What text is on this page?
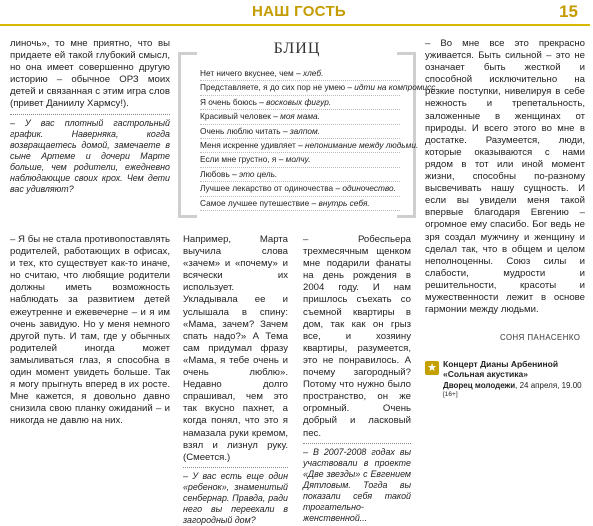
НАШ ГОСТЬ	15

линочь», то мне приятно, что вы придаете ей такой глубокий смысл, но она имеет совершенно другую историю – обычное ОРЗ моих детей и связанная с этим игра слов (привет Даниилу Хармсу!).

– У вас плотный гастрольный график. Наверняка, когда возвращаетесь домой, замечаете в сыне Артеме и дочери Марте больше, чем родители, ежедневно наблюдающие своих крох. Чем дети вас удивляют?

БЛИЦ
Нет ничего вкуснее, чем – хлеб.
Представляете, я до сих пор не умею – идти на компромисс.
Я очень боюсь – восковых фигур.
Красивый человек – моя мама.
Очень люблю читать – залпом.
Меня искренне удивляет – непонимание между людьми.
Если мне грустно, я – молчу.
Любовь – это цель.
Лучшее лекарство от одиночества – одиночество.
Самое лучшее путешествие – внутрь себя.

– Я бы не стала противопоставлять родителей, работающих в офисах, и тех, кто существует как-то иначе, но считаю, что любящие родители должны иметь возможность наблюдать за развитием детей ежеутренне и ежевечерне – и я им очень завидую. Но у меня немного другой путь. И там, где у обычных родителей иногда может замыливаться глаз, я способна в один момент увидеть больше. Так я могу прыгнуть вперед в их росте. Мне кажется, я довольно давно снизила свою планку ожиданий – и никогда не давлю на них.

Например, Марта выучила слова «зачем» и «почему» и всячески их использует. Укладывала ее и услышала в спину: «Мама, зачем? Зачем спать надо?» А Тема сам придумал фразу «Мама, я тебе очень и очень люблю». Недавно долго спрашивал, чем это так вкусно пахнет, а когда понял, что это я намазала руки кремом, взял и лизнул руку. (Смеется.)

– У вас есть еще один «ребенок», знаменитый сенбернар. Правда, ради него вы переехали в загородный дом?

– Робеспьера трехмесячным щенком мне подарили фанаты на день рождения в 2004 году. И нам пришлось съехать со съемной квартиры в дом, так как он грыз все, и хозяину квартиры, разумеется, это не понравилось. А почему загородный? Потому что нужно было пространство, он же огромный. Очень добрый и ласковый пес.

– В 2007-2008 годах вы участвовали в проекте «Две звезды» с Евгением Дятловым. Тогда вы показали себя такой трогательно-женственной...

– Во мне все это прекрасно уживается. Быть сильной – это не означает быть жесткой и способной исключительно на резкие поступки, нивелируя в себе нежность и трепетальность, заложенные в женщинах от природы. И всего этого во мне в достатке. Разумеется, люди, которые оказываются с нами рядом в тот или иной момент жизни, способны по-разному высвечивать нашу сущность. И если вы увидели меня такой впервые благодаря Евгению – огромное ему спасибо. Бог ведь не зря создал мужчину и женщину и сделал так, что в общем и целом неполноценны. Союз силы и слабости, мудрости и решительности, красоты и мужественности лежит в основе гармонии между людьми.

СОНЯ ПАНАСЕНКО
★ Концерт Дианы Арбениной «Сольная акустика»
Дворец молодежи, 24 апреля, 19.00
[16+]
